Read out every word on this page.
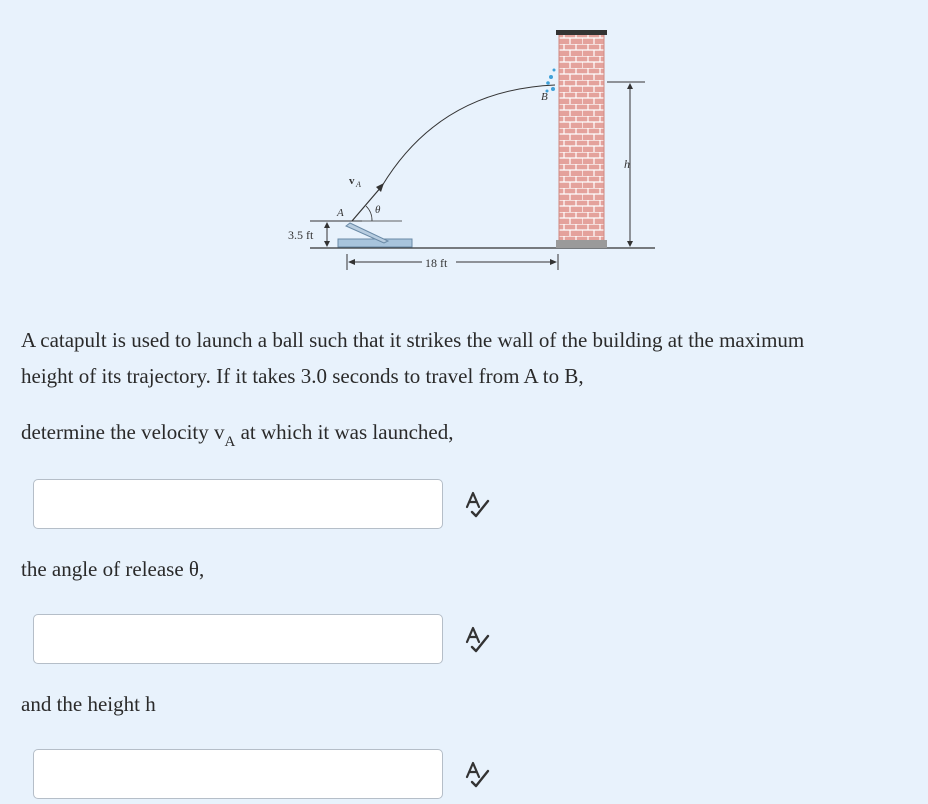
3.5 ft
θ
A
v A
18 ft
B
h

A catapult is used to launch a ball such that it strikes the wall of the building at the maximum

height of its trajectory. If it takes 3.0 seconds to travel from A to B,

determine the velocity $v_A$ at which it was launched,
the angle of release θ,
and the height h
